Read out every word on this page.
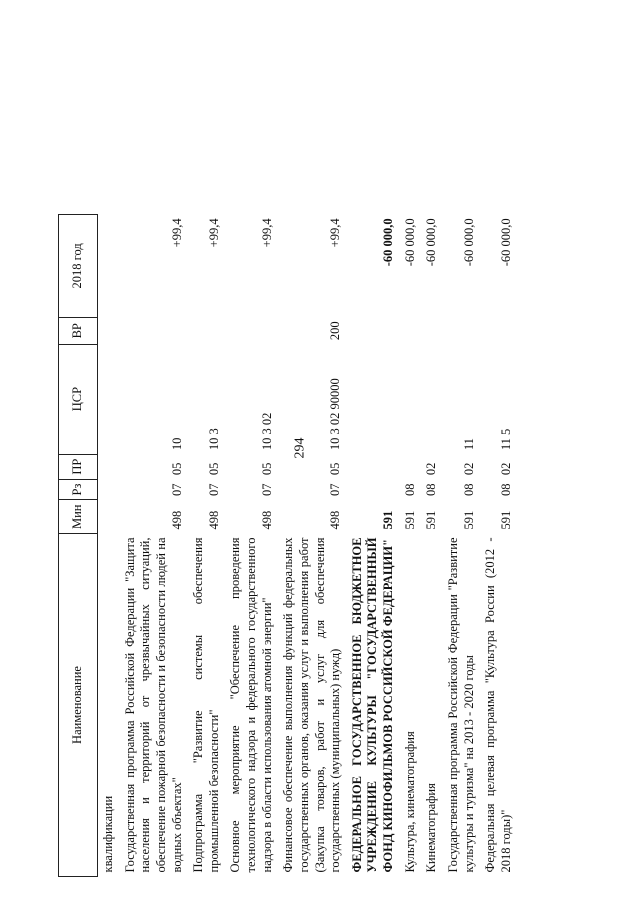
Наименование	Мин	Рз	ПР	ЦСР	ВР	2018 год
квалификации						
Государственная программа Российской Федерации "Защита населения и территорий от чрезвычайных ситуаций, обеспечение пожарной безопасности и безопасности людей на водных объектах"	498	07	05	10		+99,4
Подпрограмма "Развитие системы обеспечения промышленной безопасности"	498	07	05	10 3		+99,4
Основное мероприятие "Обеспечение проведения технологического надзора и федерального государственного надзора в области использования атомной энергии"	498	07	05	10 3 02		+99,4
Финансовое обеспечение выполнения функций федеральных государственных органов, оказания услуг и выполнения работ (Закупка товаров, работ и услуг для обеспечения государственных (муниципальных) нужд)	498	07	05	10 3 02 90000	200	+99,4
ФЕДЕРАЛЬНОЕ ГОСУДАРСТВЕННОЕ БЮДЖЕТНОЕ УЧРЕЖДЕНИЕ КУЛЬТУРЫ "ГОСУДАРСТВЕННЫЙ ФОНД КИНОФИЛЬМОВ РОССИЙСКОЙ ФЕДЕРАЦИИ"	591					-60 000,0
Культура, кинематография	591	08				-60 000,0
Кинематография	591	08	02			-60 000,0
Государственная программа Российской Федерации "Развитие культуры и туризма" на 2013 - 2020 годы	591	08	02	11		-60 000,0
Федеральная целевая программа "Культура России (2012 - 2018 годы)"	591	08	02	11 5		-60 000,0
294
